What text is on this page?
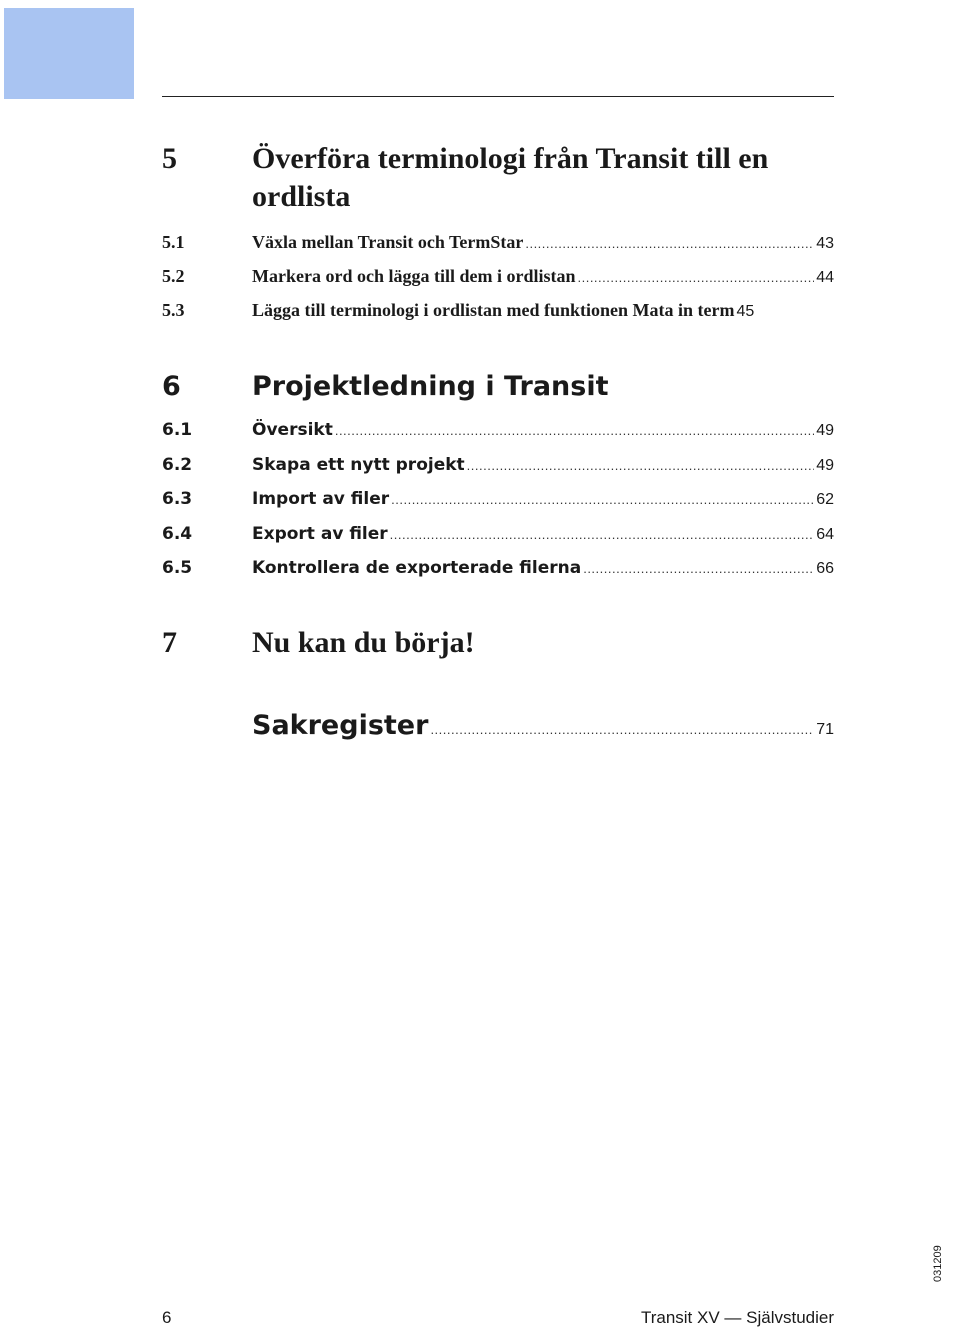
5	Överföra terminologi från Transit till en ordlista
5.1	Växla mellan Transit och TermStar .....	43
5.2	Markera ord och lägga till dem i ordlistan .....	44
5.3	Lägga till terminologi i ordlistan med funktionen Mata in term 45
6	Projektledning i Transit
6.1	Översikt .....	49
6.2	Skapa ett nytt projekt .....	49
6.3	Import av filer .....	62
6.4	Export av filer .....	64
6.5	Kontrollera de exporterade filerna .....	66
7	Nu kan du börja!
Sakregister .....	71
6	Transit XV — Självstudier
031209
